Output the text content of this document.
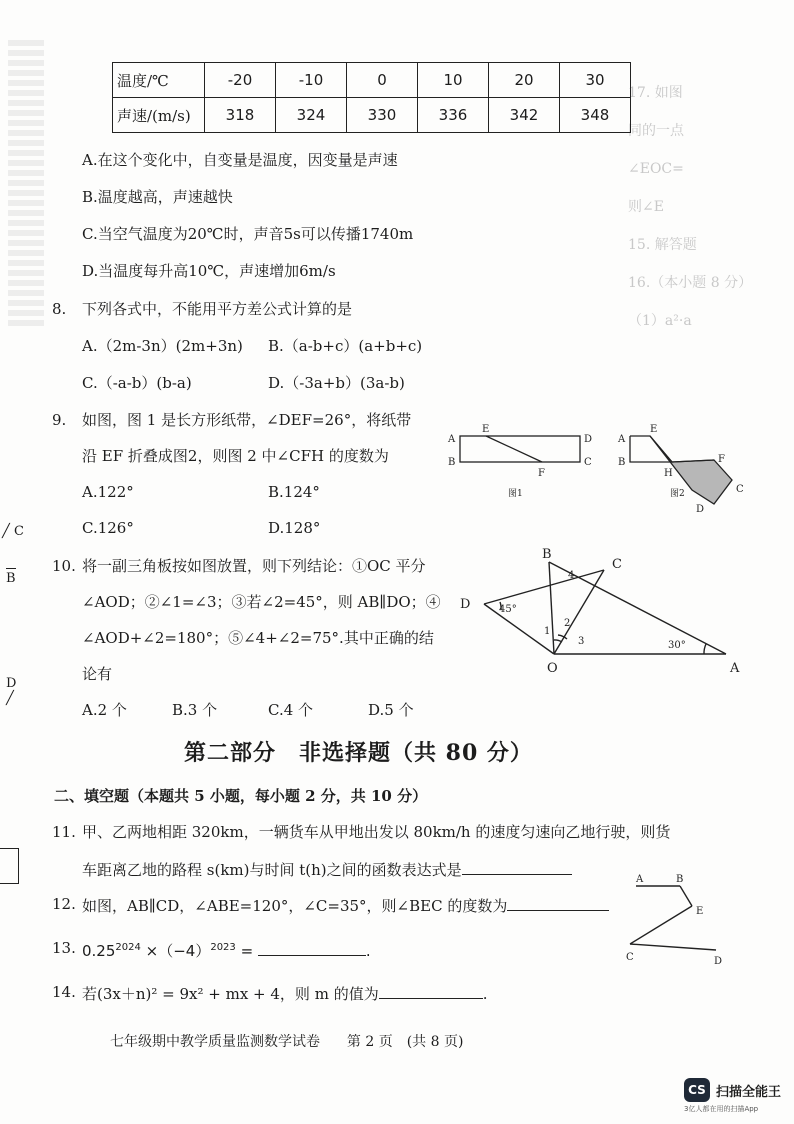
╱ C
B
D
╱
17. 如图
同的一点
∠EOC=
则∠E
15. 解答题
16.（本小题 8 分）
（1）a²·a
温度/℃	-20	-10	0	10	20	30
声速/(m/s)	318	324	330	336	342	348
A.在这个变化中，自变量是温度，因变量是声速
B.温度越高，声速越快
C.当空气温度为20℃时，声音5s可以传播1740m
D.当温度每升高10℃，声速增加6m/s
8. 下列各式中，不能用平方差公式计算的是
A.（2m-3n）(2m+3n) B.（a-b+c）(a+b+c)
C.（-a-b）(b-a)	D.（-3a+b）(3a-b)
9. 如图，图 1 是长方形纸带，∠DEF=26°，将纸带
沿 EF 折叠成图2，则图 2 中∠CFH 的度数为
A.122°	B.124°
C.126°	D.128°
A
B
E
F
D
C
图1
A
B
E
H
F
C
D
图2
10. 将一副三角板按如图放置，则下列结论：①OC 平分
∠AOD；②∠1=∠3；③若∠2=45°，则 AB∥DO；④
∠AOD+∠2=180°；⑤∠4+∠2=75°.其中正确的结
论有
A.2 个	B.3 个	C.4 个	D.5 个
B
C
D
O	A
4
2
1
3
45°
30°
第二部分　非选择题（共 80 分）
二、填空题（本题共 5 小题，每小题 2 分，共 10 分）
11. 甲、乙两地相距 320km，一辆货车从甲地出发以 80km/h 的速度匀速向乙地行驶，则货
车距离乙地的路程 s(km)与时间 t(h)之间的函数表达式是
12. 如图，AB∥CD，∠ABE=120°，∠C=35°，则∠BEC 的度数为
A	B
E
C	D
13. $0.25^{2024} \times(-4)^{2023}$ =	.
14. 若(3x＋n)² = 9x² + mx + 4，则 m 的值为	.
七年级期中教学质量监测数学试卷 第 2 页　(共 8 页)
CS 扫描全能王
3亿人都在用的扫描App
